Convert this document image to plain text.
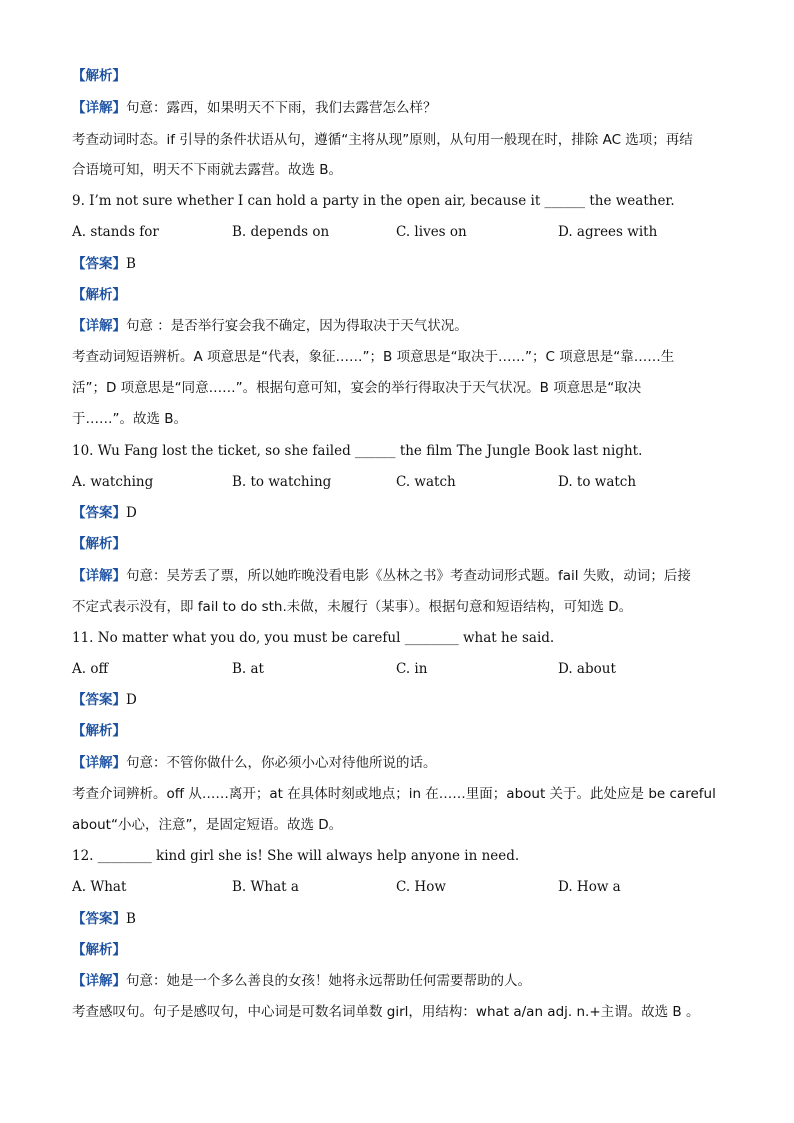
【解析】
【详解】句意：露西，如果明天不下雨，我们去露营怎么样？
考查动词时态。if 引导的条件状语从句，遵循“主将从现”原则，从句用一般现在时，排除 AC 选项；再结
合语境可知，明天不下雨就去露营。故选 B。
9. I’m not sure whether I can hold a party in the open air, because it ______ the weather.
A. stands for	B. depends on	C. lives on	D. agrees with
【答案】B
【解析】
【详解】句意 ：是否举行宴会我不确定，因为得取决于天气状况。
考查动词短语辨析。A 项意思是“代表，象征……”；B 项意思是“取决于……”；C 项意思是“靠……生
活”；D 项意思是“同意……”。根据句意可知，宴会的举行得取决于天气状况。B 项意思是“取决
于……”。故选 B。
10. Wu Fang lost the ticket, so she failed ______ the film The Jungle Book last night.
A. watching	B. to watching	C. watch	D. to watch
【答案】D
【解析】
【详解】句意：吴芳丢了票，所以她昨晚没看电影《丛林之书》考查动词形式题。fail 失败，动词；后接
不定式表示没有，即 fail to do sth.未做，未履行（某事）。根据句意和短语结构，可知选 D。
11. No matter what you do, you must be careful ________ what he said.
A. off	B. at	C. in	D. about
【答案】D
【解析】
【详解】句意：不管你做什么，你必须小心对待他所说的话。
考查介词辨析。off 从……离开；at 在具体时刻或地点；in 在……里面；about 关于。此处应是 be careful
about“小心，注意”，是固定短语。故选 D。
12. ________ kind girl she is! She will always help anyone in need.
A. What	B. What a	C. How	D. How a
【答案】B
【解析】
【详解】句意：她是一个多么善良的女孩！她将永远帮助任何需要帮助的人。
考查感叹句。句子是感叹句，中心词是可数名词单数 girl，用结构：what a/an adj. n.+主谓。故选 B 。
